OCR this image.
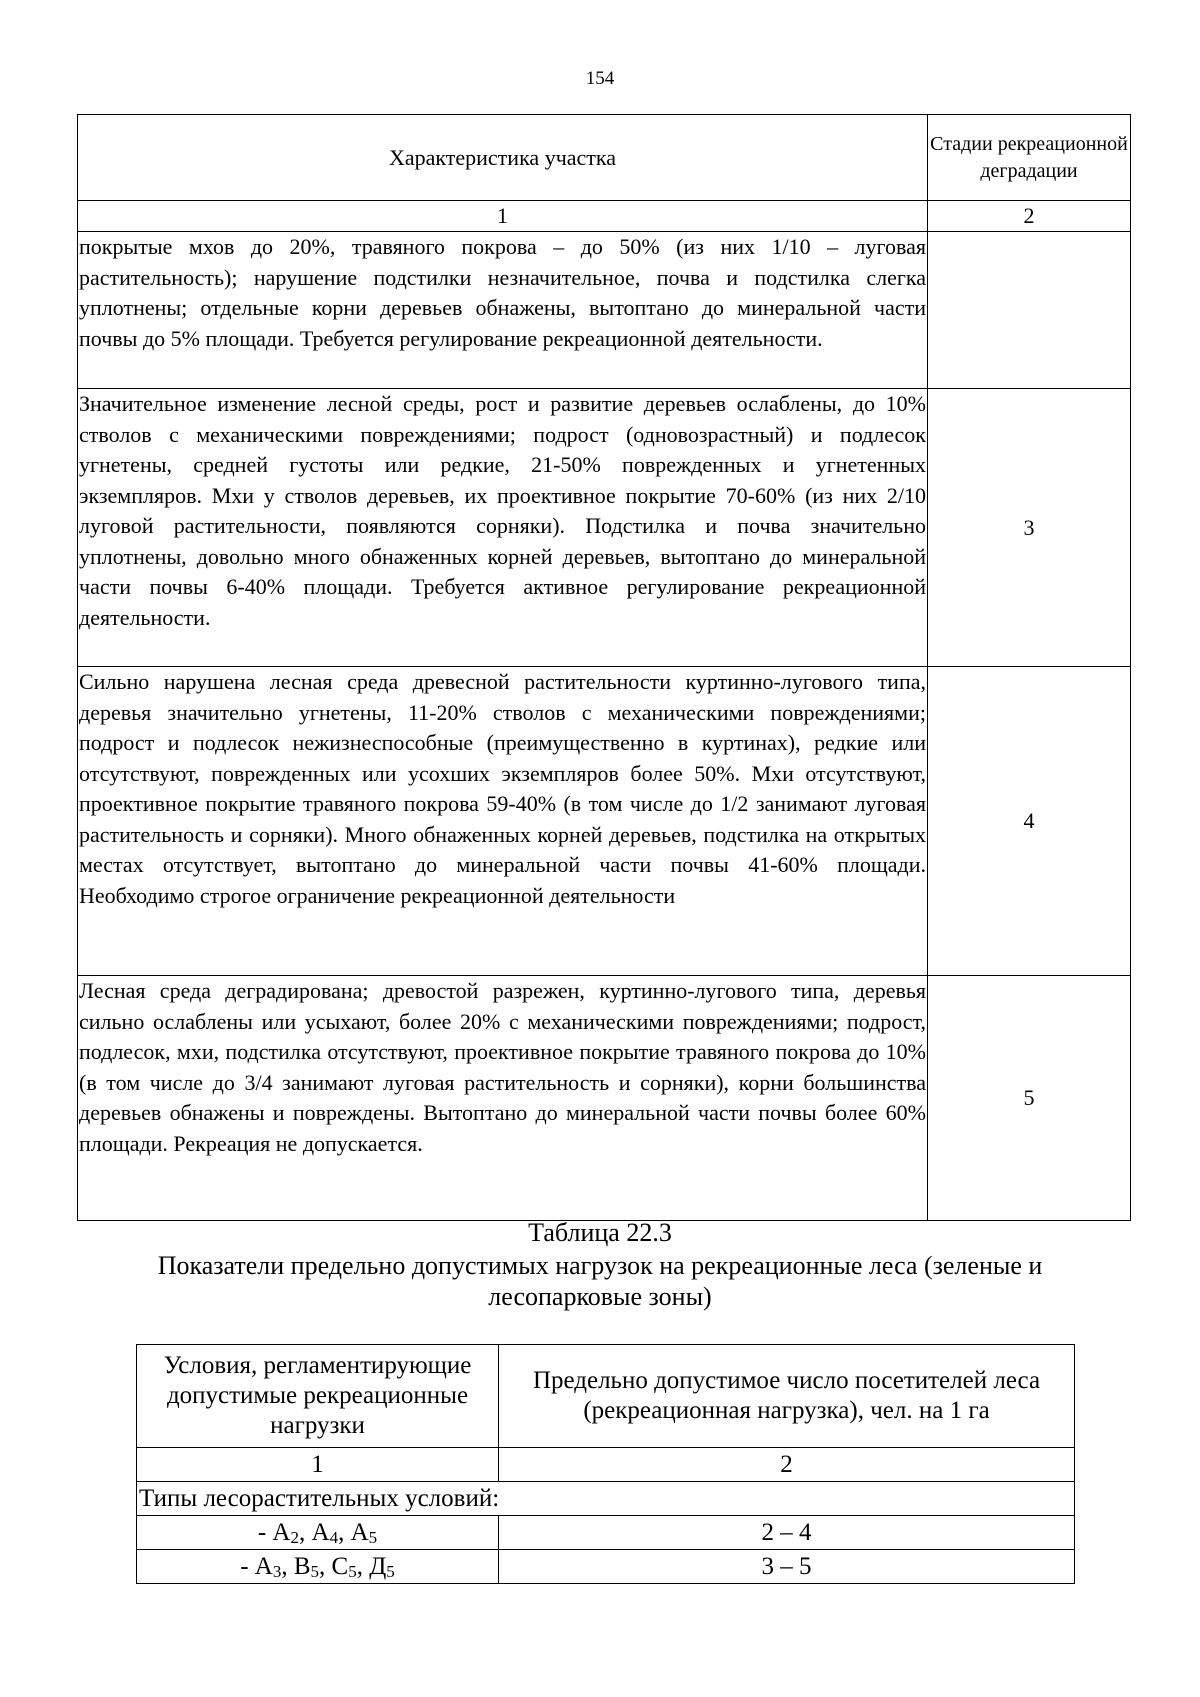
154
Характеристика участка	Стадии рекреационной деградации
1	2
покрытые мхов до 20%, травяного покрова – до 50% (из них 1/10 – луговая растительность); нарушение подстилки незначительное, почва и подстилка слегка уплотнены; отдельные корни деревьев обнажены, вытоптано до минеральной части почвы до 5% площади. Требуется регулирование рекреационной деятельности.	
Значительное изменение лесной среды, рост и развитие деревьев ослаблены, до 10% стволов с механическими повреждениями; подрост (одновозрастный) и подлесок угнетены, средней густоты или редкие, 21-50% поврежденных и угнетенных экземпляров. Мхи у стволов деревьев, их проективное покрытие 70-60% (из них 2/10 луговой растительности, появляются сорняки). Подстилка и почва значительно уплотнены, довольно много обнаженных корней деревьев, вытоптано до минеральной части почвы 6-40% площади. Требуется активное регулирование рекреационной деятельности.	3
Сильно нарушена лесная среда древесной растительности куртинно-лугового типа, деревья значительно угнетены, 11-20% стволов с механическими повреждениями; подрост и подлесок нежизнеспособные (преимущественно в куртинах), редкие или отсутствуют, поврежденных или усохших экземпляров более 50%. Мхи отсутствуют, проективное покрытие травяного покрова 59-40% (в том числе до 1/2 занимают луговая растительность и сорняки). Много обнаженных корней деревьев, подстилка на открытых местах отсутствует, вытоптано до минеральной части почвы 41-60% площади. Необходимо строгое ограничение рекреационной деятельности	4
Лесная среда деградирована; древостой разрежен, куртинно-лугового типа, деревья сильно ослаблены или усыхают, более 20% с механическими повреждениями; подрост, подлесок, мхи, подстилка отсутствуют, проективное покрытие травяного покрова до 10% (в том числе до 3/4 занимают луговая растительность и сорняки), корни большинства деревьев обнажены и повреждены. Вытоптано до минеральной части почвы более 60% площади. Рекреация не допускается.	5
Таблица 22.3
Показатели предельно допустимых нагрузок на рекреационные леса (зеленые и лесопарковые зоны)
Условия, регламентирующие допустимые рекреационные нагрузки	Предельно допустимое число посетителей леса (рекреационная нагрузка), чел. на 1 га
1	2
Типы лесорастительных условий:	
- $А_2$, $А_4$, $А_5$	2 – 4
- $А_3$, $В_5$, $С_5$, $Д_5$	3 – 5
